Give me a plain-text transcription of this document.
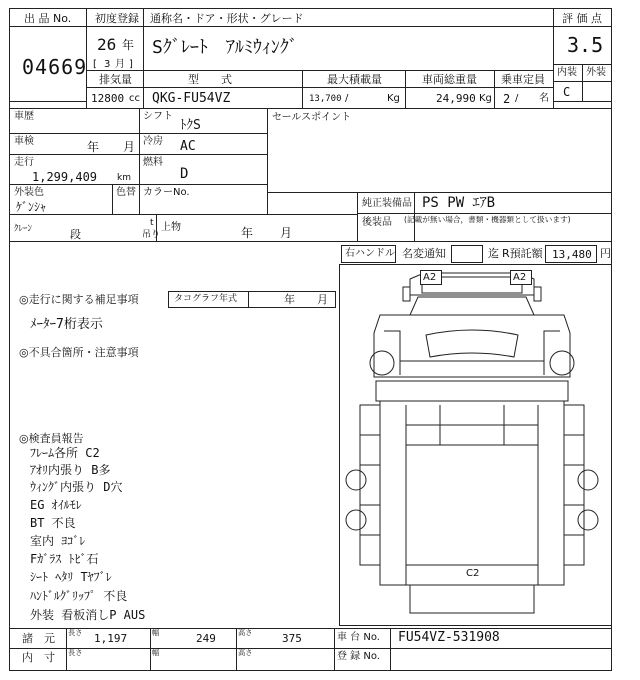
出 品 No.
04669
初度登録
26 年
[ 3 月 ]
通称名・ドア・形状・グレード
Sｸﾞﾚｰﾄ　ｱﾙﾐｳｨﾝｸﾞ
評 価 点
3.5
内装 外装
C
排気量
12800 cc
型　　式
QKG-FU54VZ
最大積載量
13,700 /	Kg
車両総重量
24,990 Kg
乗車定員
2 / 名
車歴	シフト
ﾄｸS
車検	年 月 冷房 AC
走行
1,299,409 km
燃料
D
セールスポイント
外装色
ｹﾞﾝｼｬ
色替 カラーNo.
純正装備品 PS PW ｴｱB
後装品 (記載が無い場合，書類・機器類として扱います)
ｸﾚｰﾝ	段
t
吊り
上物	年 月
右ハンドル 名変通知	迄 R預託額 13,480 円
A2	A2
C2
◎走行に関する補足事項	タコグラフ年式	年 月
ﾒｰﾀｰ7桁表示
◎不具合箇所・注意事項
◎検査員報告
ﾌﾚｰﾑ各所 C2
ｱｵﾘ内張り B多
ｳｨﾝｸﾞ内張り D穴
EG ｵｲﾙﾓﾚ
BT 不良
室内 ﾖｺﾞﾚ
Fｶﾞﾗｽ ﾄﾋﾞ石
ｼｰﾄ ﾍﾀﾘ Tﾔﾌﾞﾚ
ﾊﾝﾄﾞﾙｸﾞﾘｯﾌﾟ 不良
外装 看板消しP AUS
諸　元 長さ 1,197	幅	249 高さ	375	車 台 No. FU54VZ-531908
内　寸 長さ	幅	高さ	登 録 No.
